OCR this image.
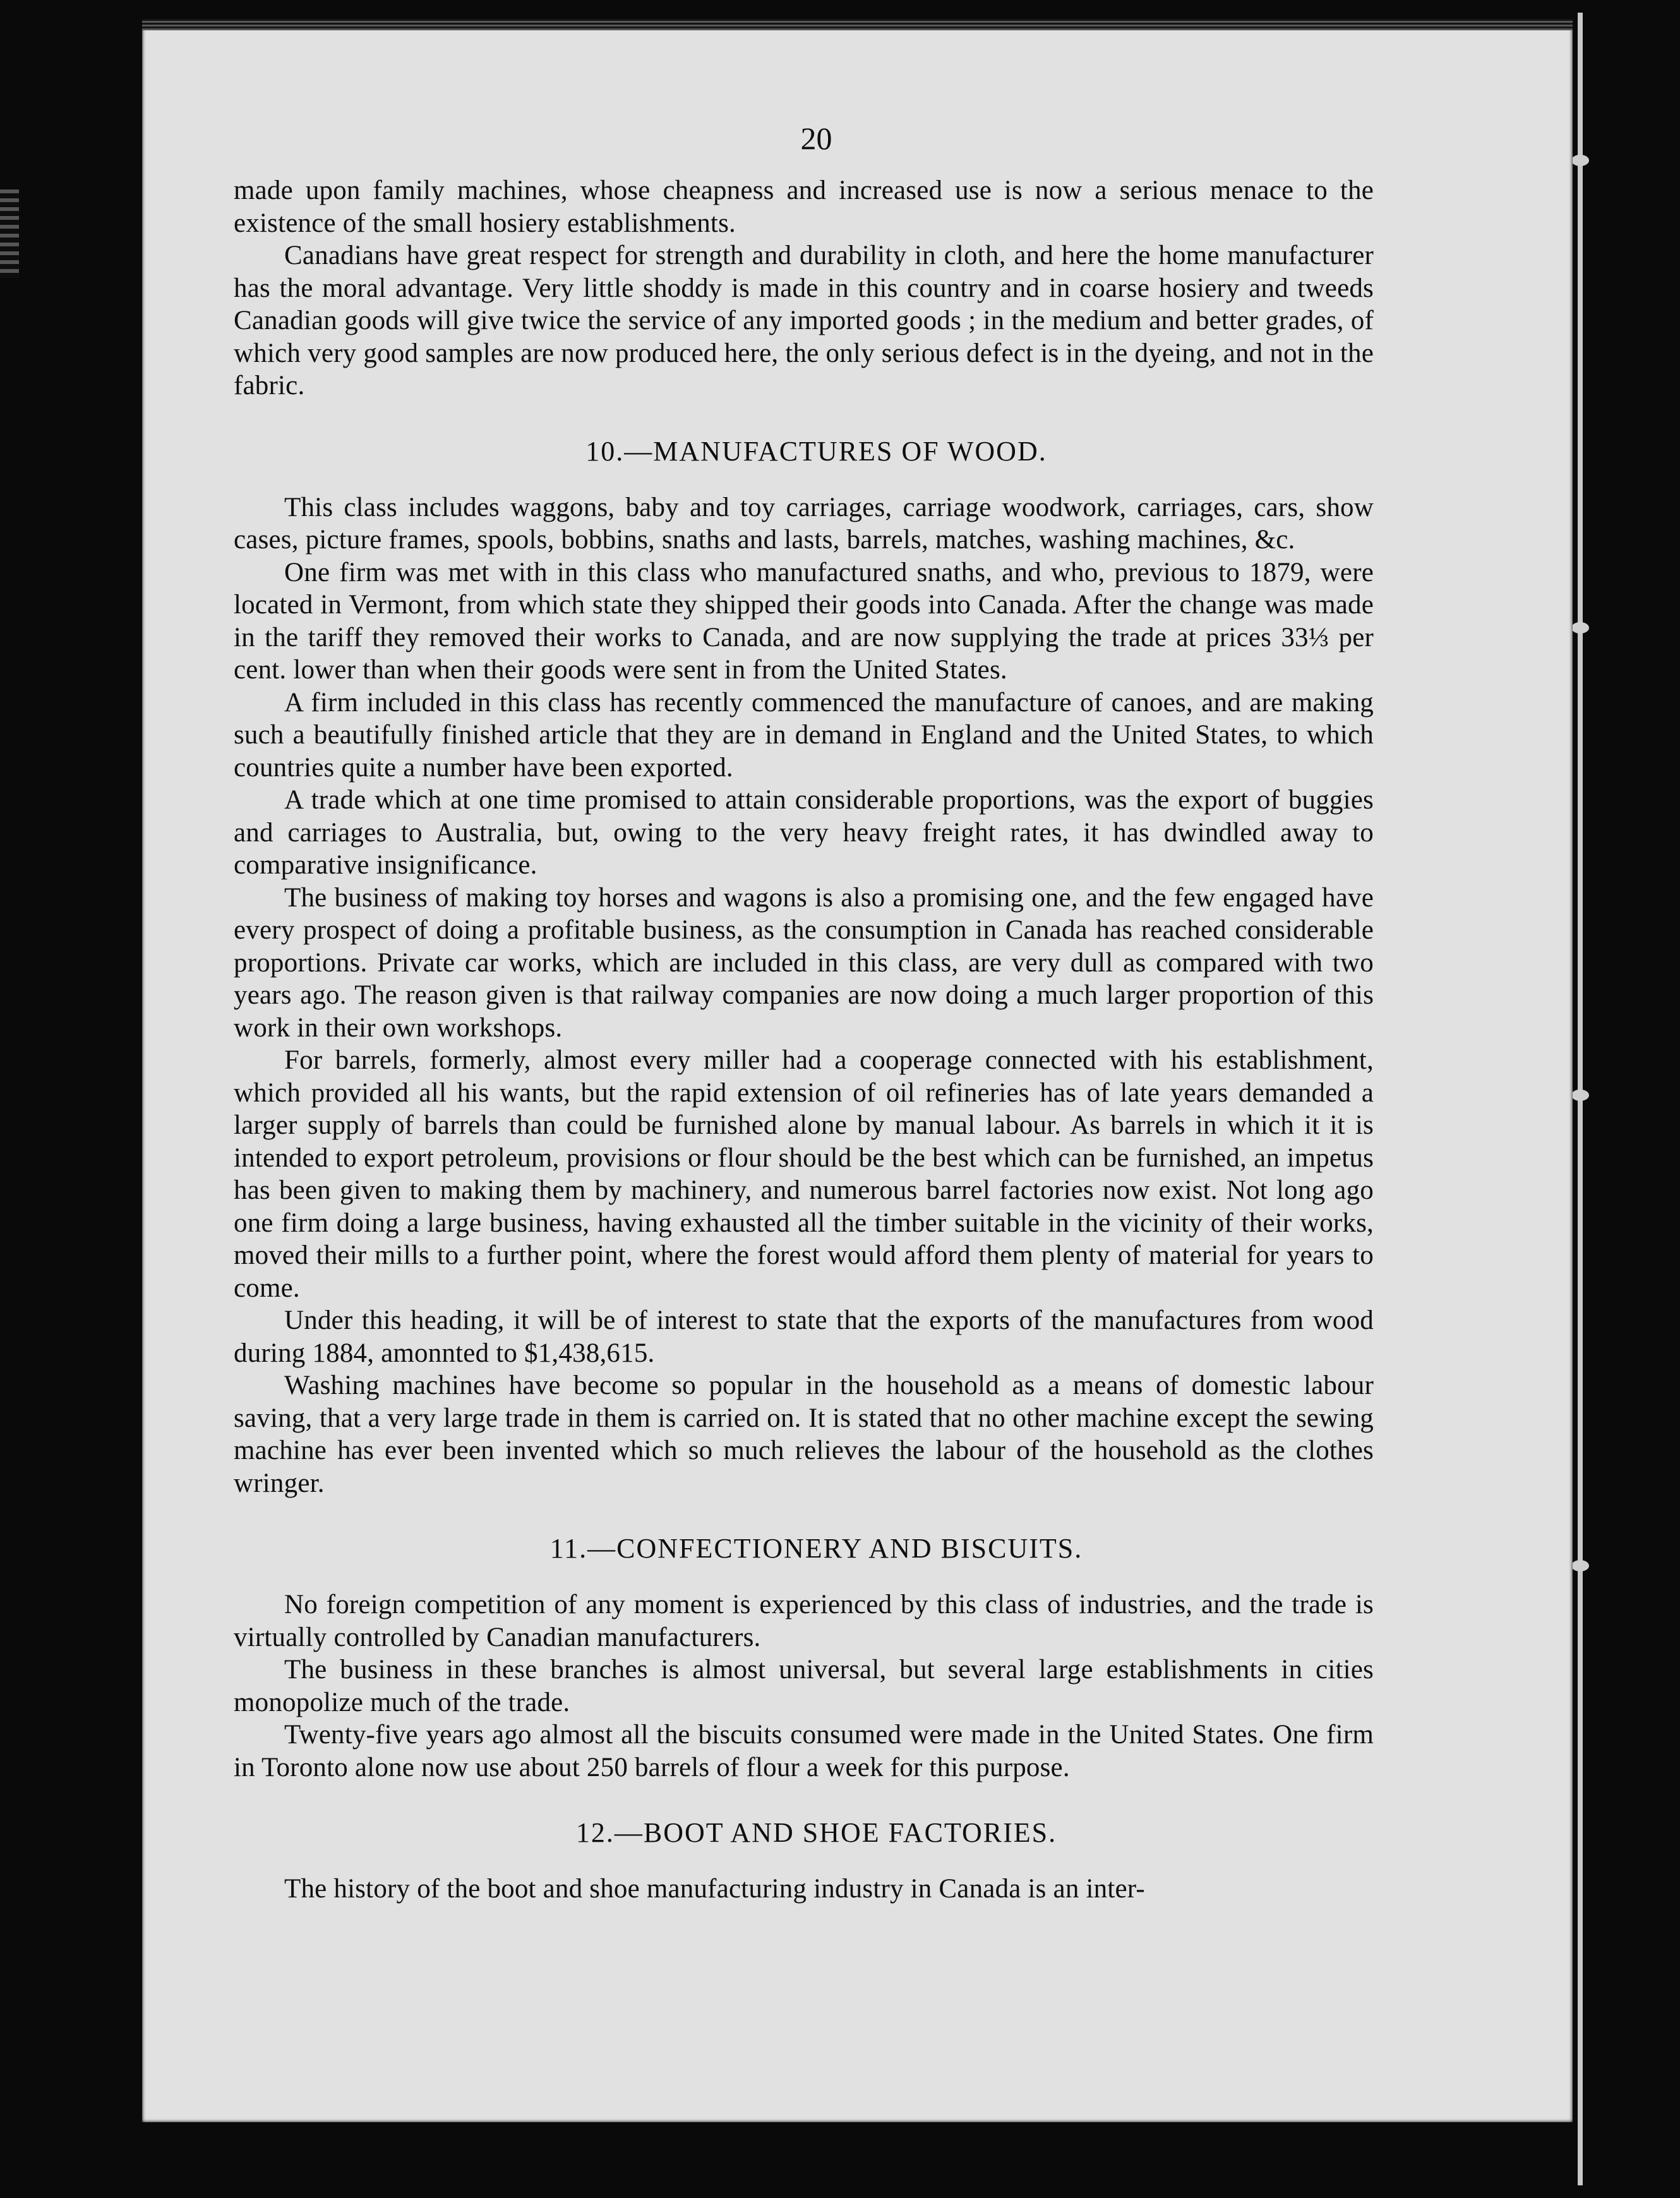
20

made upon family machines, whose cheapness and increased use is now a serious menace to the existence of the small hosiery establishments.

Canadians have great respect for strength and durability in cloth, and here the home manufacturer has the moral advantage. Very little shoddy is made in this country and in coarse hosiery and tweeds Canadian goods will give twice the service of any imported goods ; in the medium and better grades, of which very good samples are now produced here, the only serious defect is in the dyeing, and not in the fabric.

10.—MANUFACTURES OF WOOD.

This class includes waggons, baby and toy carriages, carriage woodwork, carriages, cars, show cases, picture frames, spools, bobbins, snaths and lasts, barrels, matches, washing machines, &c.

One firm was met with in this class who manufactured snaths, and who, previous to 1879, were located in Vermont, from which state they shipped their goods into Canada. After the change was made in the tariff they removed their works to Canada, and are now supplying the trade at prices 33⅓ per cent. lower than when their goods were sent in from the United States.

A firm included in this class has recently commenced the manufacture of canoes, and are making such a beautifully finished article that they are in demand in England and the United States, to which countries quite a number have been exported.

A trade which at one time promised to attain considerable proportions, was the export of buggies and carriages to Australia, but, owing to the very heavy freight rates, it has dwindled away to comparative insignificance.

The business of making toy horses and wagons is also a promising one, and the few engaged have every prospect of doing a profitable business, as the consumption in Canada has reached considerable proportions. Private car works, which are included in this class, are very dull as compared with two years ago. The reason given is that railway companies are now doing a much larger proportion of this work in their own workshops.

For barrels, formerly, almost every miller had a cooperage connected with his establishment, which provided all his wants, but the rapid extension of oil refineries has of late years demanded a larger supply of barrels than could be furnished alone by manual labour. As barrels in which it it is intended to export petroleum, provisions or flour should be the best which can be furnished, an impetus has been given to making them by machinery, and numerous barrel factories now exist. Not long ago one firm doing a large business, having exhausted all the timber suitable in the vicinity of their works, moved their mills to a further point, where the forest would afford them plenty of material for years to come.

Under this heading, it will be of interest to state that the exports of the manufactures from wood during 1884, amonnted to $1,438,615.

Washing machines have become so popular in the household as a means of domestic labour saving, that a very large trade in them is carried on. It is stated that no other machine except the sewing machine has ever been invented which so much relieves the labour of the household as the clothes wringer.

11.—CONFECTIONERY AND BISCUITS.

No foreign competition of any moment is experienced by this class of industries, and the trade is virtually controlled by Canadian manufacturers.

The business in these branches is almost universal, but several large establishments in cities monopolize much of the trade.

Twenty-five years ago almost all the biscuits consumed were made in the United States. One firm in Toronto alone now use about 250 barrels of flour a week for this purpose.

12.—BOOT AND SHOE FACTORIES.

The history of the boot and shoe manufacturing industry in Canada is an inter-
